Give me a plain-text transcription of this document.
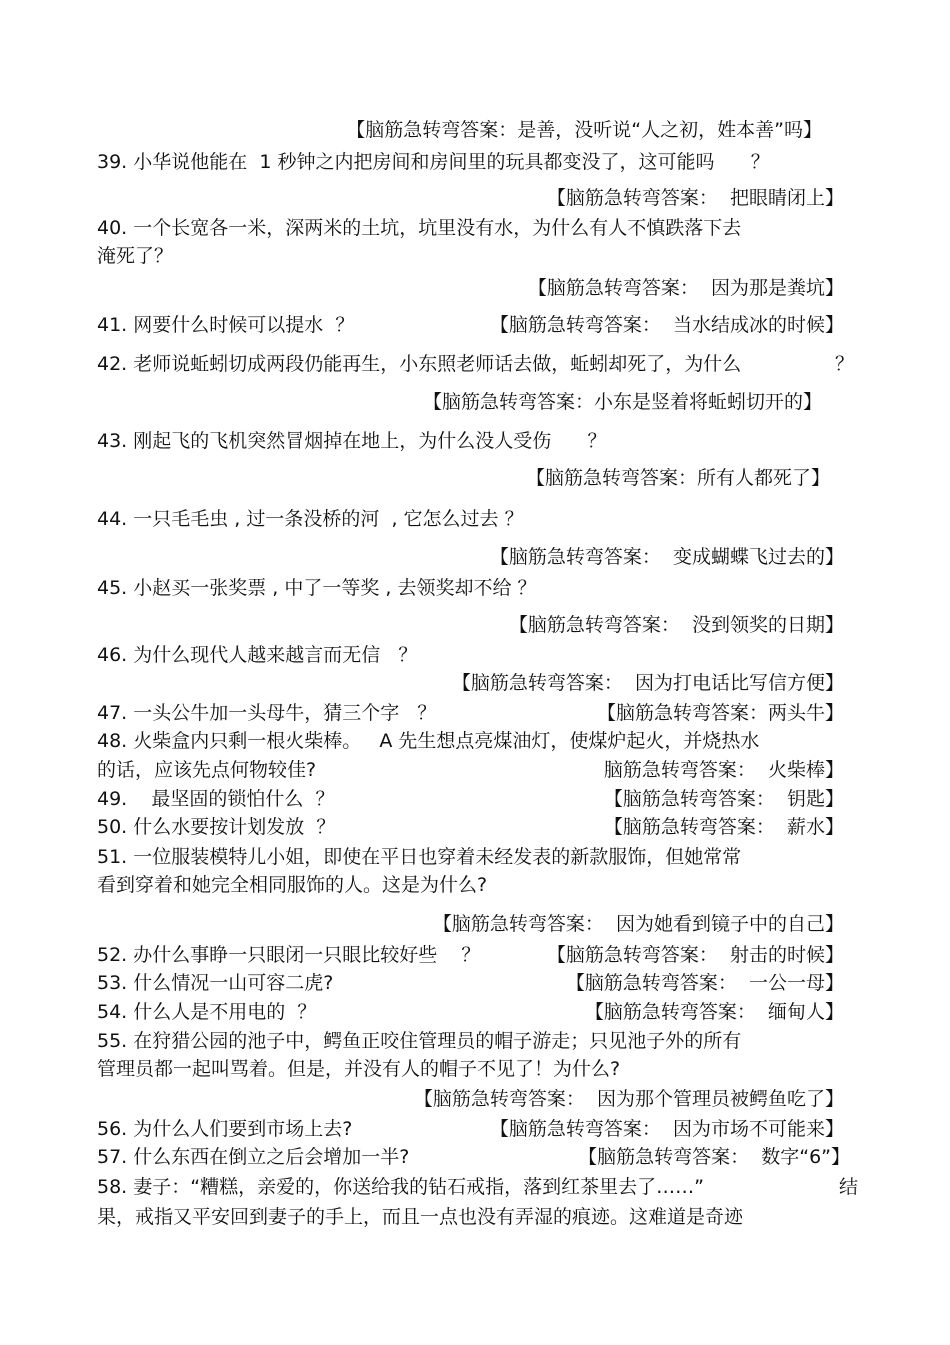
【脑筋急转弯答案：是善，没听说“人之初，姓本善”吗】
39. 小华说他能在  1 秒钟之内把房间和房间里的玩具都变没了，这可能吗      ？
【脑筋急转弯答案：  把眼睛闭上】
40. 一个长宽各一米，深两米的土坑，坑里没有水，为什么有人不慎跌落下去
淹死了？
【脑筋急转弯答案：  因为那是粪坑】
41. 网要什么时候可以提水  ？	【脑筋急转弯答案：  当水结成冰的时候】
42. 老师说蚯蚓切成两段仍能再生，小东照老师话去做，蚯蚓却死了，为什么	？
【脑筋急转弯答案：小东是竖着将蚯蚓切开的】
43. 刚起飞的飞机突然冒烟掉在地上，为什么没人受伤      ？
【脑筋急转弯答案：所有人都死了】
44. 一只毛毛虫 , 过一条没桥的河  , 它怎么过去 ？
【脑筋急转弯答案：  变成蝴蝶飞过去的】
45. 小赵买一张奖票 , 中了一等奖 , 去领奖却不给 ？
【脑筋急转弯答案：  没到领奖的日期】
46. 为什么现代人越来越言而无信   ？
【脑筋急转弯答案：  因为打电话比写信方便】
47. 一头公牛加一头母牛，猜三个字   ？	【脑筋急转弯答案：两头牛】
48. 火柴盒内只剩一根火柴棒。   A 先生想点亮煤油灯，使煤炉起火，并烧热水
的话，应该先点何物较佳?	脑筋急转弯答案：  火柴棒】
49.    最坚固的锁怕什么  ？	【脑筋急转弯答案：  钥匙】
50. 什么水要按计划发放  ？	【脑筋急转弯答案：  薪水】
51. 一位服装模特儿小姐，即使在平日也穿着未经发表的新款服饰，但她常常
看到穿着和她完全相同服饰的人。这是为什么?
【脑筋急转弯答案：  因为她看到镜子中的自己】
52. 办什么事睁一只眼闭一只眼比较好些    ？	【脑筋急转弯答案：  射击的时候】
53. 什么情况一山可容二虎?	【脑筋急转弯答案：  一公一母】
54. 什么人是不用电的  ？	【脑筋急转弯答案：  缅甸人】
55. 在狩猎公园的池子中，鳄鱼正咬住管理员的帽子游走；只见池子外的所有
管理员都一起叫骂着。但是，并没有人的帽子不见了！为什么?
【脑筋急转弯答案：  因为那个管理员被鳄鱼吃了】
56. 为什么人们要到市场上去?	【脑筋急转弯答案：  因为市场不可能来】
57. 什么东西在倒立之后会增加一半?	【脑筋急转弯答案：  数字“6”】
58. 妻子：“糟糕，亲爱的，你送给我的钻石戒指，落到红茶里去了……”	结
果，戒指又平安回到妻子的手上，而且一点也没有弄湿的痕迹。这难道是奇迹
